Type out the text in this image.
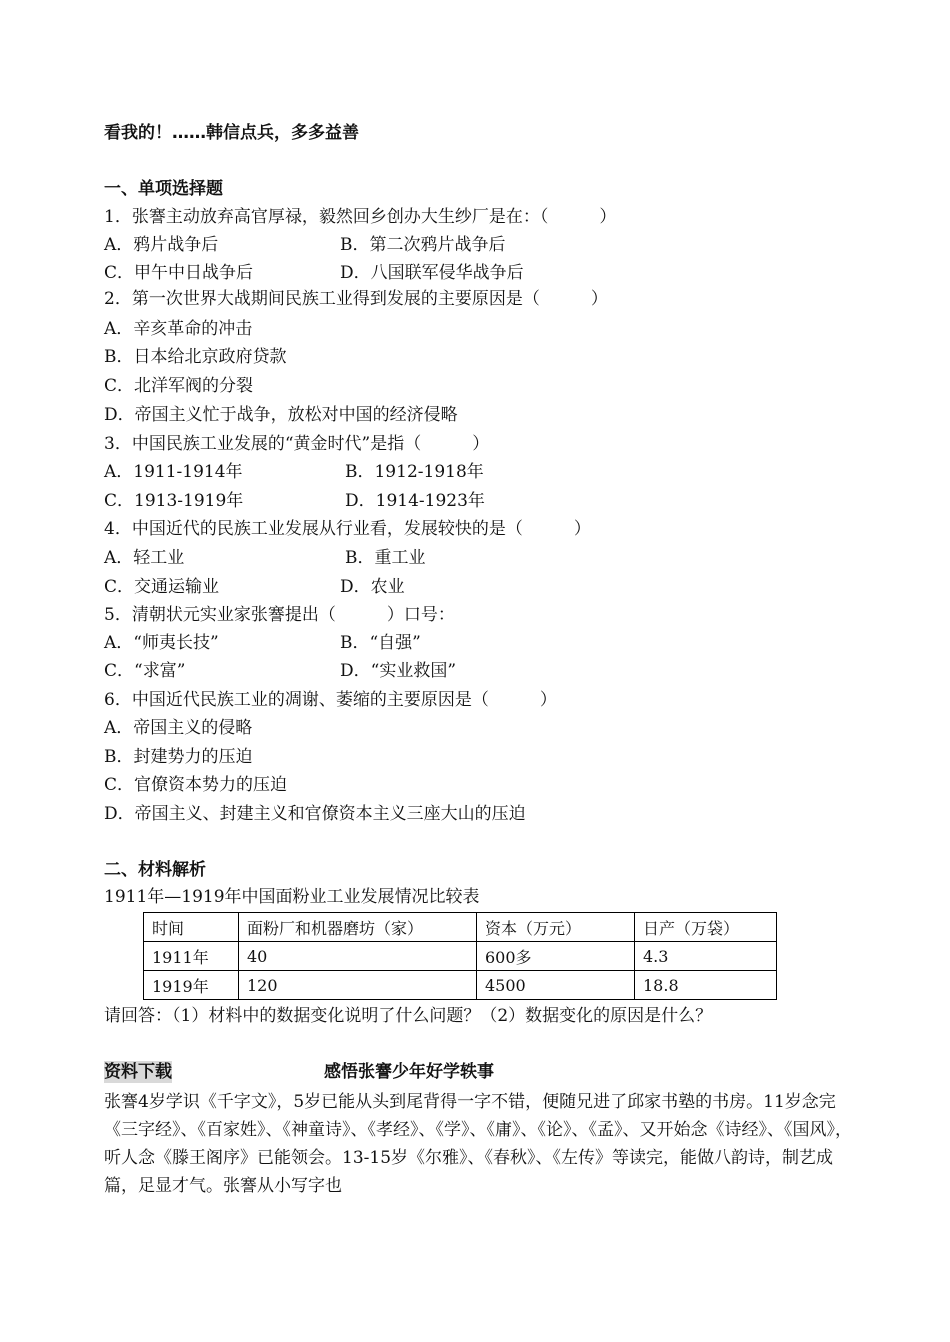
看我的！……韩信点兵，多多益善
一、单项选择题
1．张謇主动放弃高官厚禄，毅然回乡创办大生纱厂是在：（　　　）
A．鸦片战争后	B．第二次鸦片战争后
C．甲午中日战争后	D．八国联军侵华战争后
2．第一次世界大战期间民族工业得到发展的主要原因是（　　　）
A．辛亥革命的冲击
B．日本给北京政府贷款
C．北洋军阀的分裂
D．帝国主义忙于战争，放松对中国的经济侵略
3．中国民族工业发展的“黄金时代”是指（　　　）
A．1911-1914年	B．1912-1918年
C．1913-1919年	D．1914-1923年
4．中国近代的民族工业发展从行业看，发展较快的是（　　　）
A．轻工业	B．重工业
C．交通运输业	D．农业
5．清朝状元实业家张謇提出（　　　）口号：
A．“师夷长技”	B．“自强”
C．“求富”	D．“实业救国”
6．中国近代民族工业的凋谢、萎缩的主要原因是（　　　）
A．帝国主义的侵略
B．封建势力的压迫
C．官僚资本势力的压迫
D．帝国主义、封建主义和官僚资本主义三座大山的压迫
二、材料解析
1911年—1919年中国面粉业工业发展情况比较表
时间	面粉厂和机器磨坊（家）	资本（万元）	日产（万袋）
1911年	40	600多	4.3
1919年	120	4500	18.8
请回答：（1）材料中的数据变化说明了什么问题？（2）数据变化的原因是什么？
资料下载	感悟张謇少年好学轶事
张謇4岁学识《千字文》，5岁已能从头到尾背得一字不错，便随兄进了邱家书塾的书房。11岁念完《三字经》、《百家姓》、《神童诗》、《孝经》、《学》、《庸》、《论》、《孟》、又开始念《诗经》、《国风》，听人念《滕王阁序》已能领会。13-15岁《尔雅》、《春秋》、《左传》等读完，能做八韵诗，制艺成篇，足显才气。张謇从小写字也
